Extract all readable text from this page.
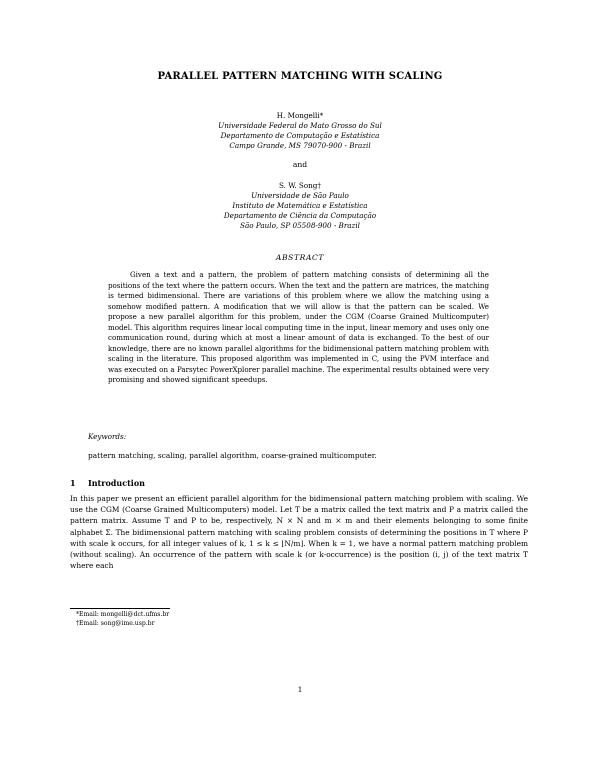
PARALLEL PATTERN MATCHING WITH SCALING
H. Mongelli*
Universidade Federal do Mato Grosso do Sul
Departamento de Computação e Estatística
Campo Grande, MS 79070-900 - Brazil
and
S. W. Song†
Universidade de São Paulo
Instituto de Matemática e Estatística
Departamento de Ciência da Computação
São Paulo, SP 05508-900 - Brazil
ABSTRACT

Given a text and a pattern, the problem of pattern matching consists of determining all the positions of the text where the pattern occurs. When the text and the pattern are matrices, the matching is termed bidimensional. There are variations of this problem where we allow the matching using a somehow modified pattern. A modification that we will allow is that the pattern can be scaled. We propose a new parallel algorithm for this problem, under the CGM (Coarse Grained Multicomputer) model. This algorithm requires linear local computing time in the input, linear memory and uses only one communication round, during which at most a linear amount of data is exchanged. To the best of our knowledge, there are no known parallel algorithms for the bidimensional pattern matching problem with scaling in the literature. This proposed algorithm was implemented in C, using the PVM interface and was executed on a Parsytec PowerXplorer parallel machine. The experimental results obtained were very promising and showed significant speedups.

Keywords:
pattern matching, scaling, parallel algorithm, coarse-grained multicomputer.
1 Introduction

In this paper we present an efficient parallel algorithm for the bidimensional pattern matching problem with scaling. We use the CGM (Coarse Grained Multicomputers) model. Let T be a matrix called the text matrix and P a matrix called the pattern matrix. Assume T and P to be, respectively, N × N and m × m and their elements belonging to some finite alphabet Σ. The bidimensional pattern matching with scaling problem consists of determining the positions in T where P with scale k occurs, for all integer values of k, 1 ≤ k ≤ ⌊N/m⌋. When k = 1, we have a normal pattern matching problem (without scaling). An occurrence of the pattern with scale k (or k-occurrence) is the position (i, j) of the text matrix T where each

*Email: mongelli@dct.ufms.br
†Email: song@ime.usp.br
1
